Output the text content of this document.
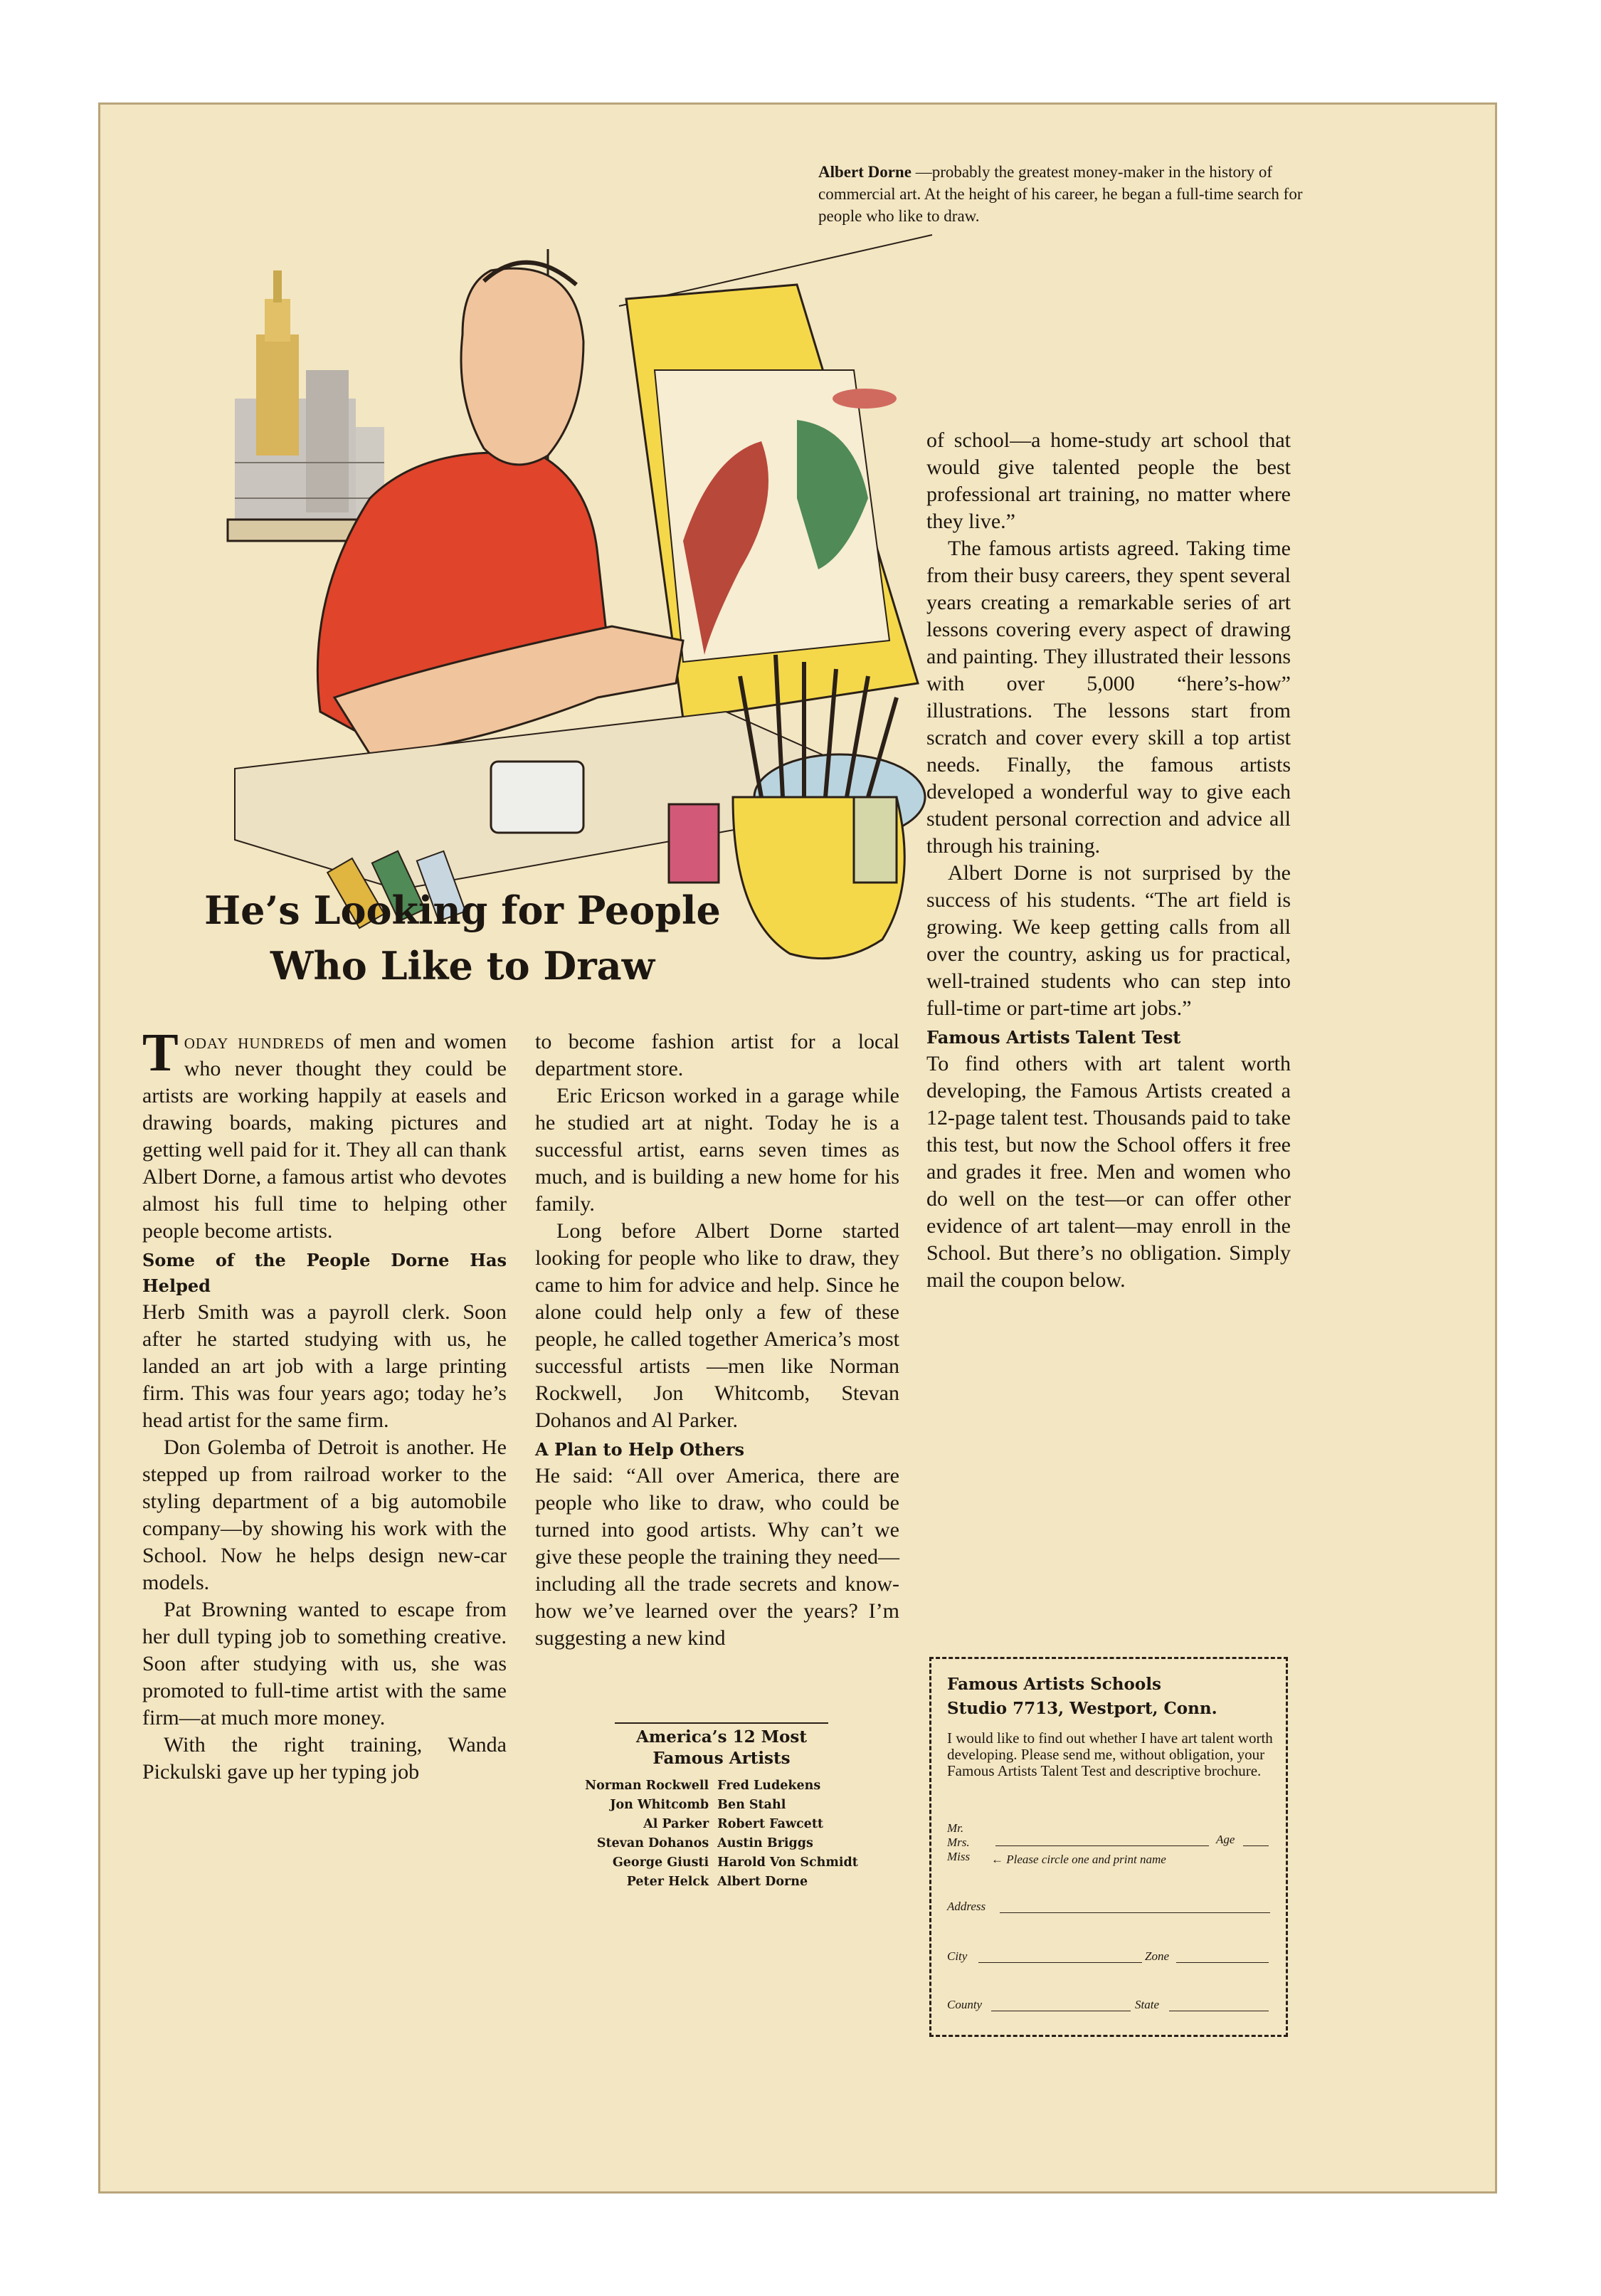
Albert Dorne —probably the greatest money-maker in the history of commercial art. At the height of his career, he began a full-time search for people who like to draw.
He’s Looking for People
Who Like to Draw

Today hundreds of men and women who never thought they could be artists are working happily at easels and drawing boards, making pictures and getting well paid for it. They all can thank Albert Dorne, a famous artist who devotes almost his full time to helping other people become artists.

Some of the People Dorne Has Helped

Herb Smith was a payroll clerk. Soon after he started studying with us, he landed an art job with a large printing firm. This was four years ago; today he’s head artist for the same firm.

Don Golemba of Detroit is another. He stepped up from railroad worker to the styling department of a big automobile company—by showing his work with the School. Now he helps design new-car models.

Pat Browning wanted to escape from her dull typing job to something creative. Soon after studying with us, she was promoted to full-time artist with the same firm—at much more money.

With the right training, Wanda Pickulski gave up her typing job

to become fashion artist for a local department store.

Eric Ericson worked in a garage while he studied art at night. Today he is a successful artist, earns seven times as much, and is building a new home for his family.

Long before Albert Dorne started looking for people who like to draw, they came to him for advice and help. Since he alone could help only a few of these people, he called together America’s most successful artists —men like Norman Rockwell, Jon Whitcomb, Stevan Dohanos and Al Parker.

A Plan to Help Others

He said: “All over America, there are people who like to draw, who could be turned into good artists. Why can’t we give these people the training they need—including all the trade secrets and know-how we’ve learned over the years? I’m suggesting a new kind

America’s 12 Most
Famous Artists
Norman Rockwell	Fred Ludekens
Jon Whitcomb	Ben Stahl
Al Parker	Robert Fawcett
Stevan Dohanos	Austin Briggs
George Giusti	Harold Von Schmidt
Peter Helck	Albert Dorne

of school—a home-study art school that would give talented people the best professional art training, no matter where they live.”

The famous artists agreed. Taking time from their busy careers, they spent several years creating a remarkable series of art lessons covering every aspect of drawing and painting. They illustrated their lessons with over 5,000 “here’s-how” illustrations. The lessons start from scratch and cover every skill a top artist needs. Finally, the famous artists developed a wonderful way to give each student personal correction and advice all through his training.

Albert Dorne is not surprised by the success of his students. “The art field is growing. We keep getting calls from all over the country, asking us for practical, well-trained students who can step into full-time or part-time art jobs.”

Famous Artists Talent Test

To find others with art talent worth developing, the Famous Artists created a 12-page talent test. Thousands paid to take this test, but now the School offers it free and grades it free. Men and women who do well on the test—or can offer other evidence of art talent—may enroll in the School. But there’s no obligation. Simply mail the coupon below.

Famous Artists Schools
Studio 7713, Westport, Conn.
I would like to find out whether I have art talent worth developing. Please send me, without obligation, your Famous Artists Talent Test and descriptive brochure.
Mr.
Mrs.
Miss
Age
← Please circle one and print name
Address
City	Zone
County	State
